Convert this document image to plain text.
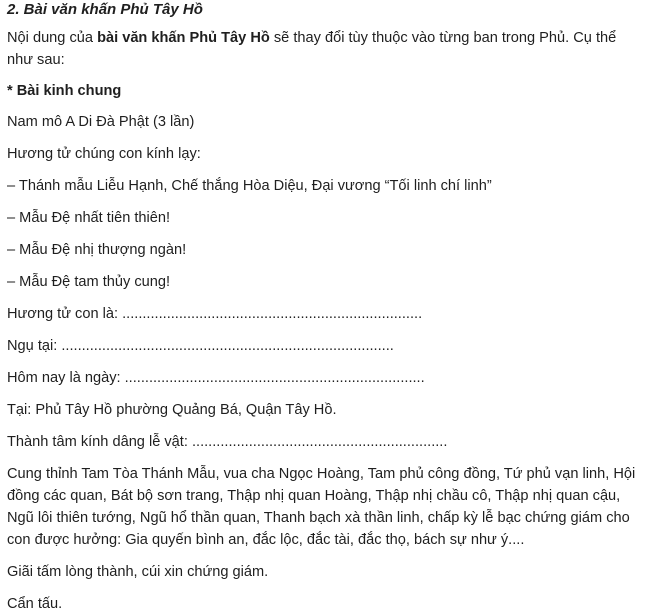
2. Bài văn khấn Phủ Tây Hồ

Nội dung của bài văn khấn Phủ Tây Hồ sẽ thay đổi tùy thuộc vào từng ban trong Phủ. Cụ thể như sau:

* Bài kinh chung

Nam mô A Di Đà Phật (3 lần)

Hương tử chúng con kính lạy:

– Thánh mẫu Liễu Hạnh, Chế thắng Hòa Diệu, Đại vương “Tối linh chí linh”

– Mẫu Đệ nhất tiên thiên!

– Mẫu Đệ nhị thượng ngàn!

– Mẫu Đệ tam thủy cung!

Hương tử con là: ..........................................................................

Ngụ tại: ..................................................................................

Hôm nay là ngày: ..........................................................................

Tại: Phủ Tây Hồ phường Quảng Bá, Quận Tây Hồ.

Thành tâm kính dâng lễ vật: ...............................................................

Cung thỉnh Tam Tòa Thánh Mẫu, vua cha Ngọc Hoàng, Tam phủ công đồng, Tứ phủ vạn linh, Hội đồng các quan, Bát bộ sơn trang, Thập nhị quan Hoàng, Thập nhị chầu cô, Thập nhị quan cậu, Ngũ lôi thiên tướng, Ngũ hổ thần quan, Thanh bạch xà thần linh, chấp kỳ lễ bạc chứng giám cho con được hưởng: Gia quyến bình an, đắc lộc, đắc tài, đắc thọ, bách sự như ý....

Giãi tấm lòng thành, cúi xin chứng giám.

Cẩn tấu.
